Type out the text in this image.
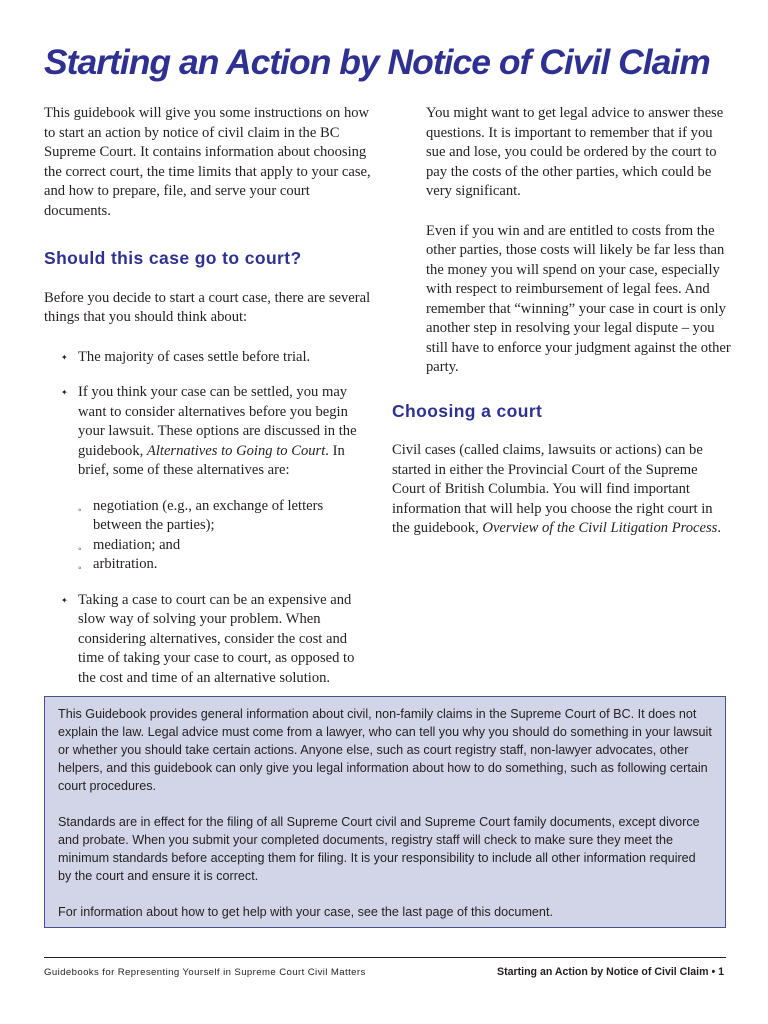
Starting an Action by Notice of Civil Claim

This guidebook will give you some instructions on how to start an action by notice of civil claim in the BC Supreme Court. It contains information about choosing the correct court, the time limits that apply to your case, and how to prepare, file, and serve your court documents.

Should this case go to court?

Before you decide to start a court case, there are several things that you should think about:

✦ The majority of cases settle before trial.
✦ If you think your case can be settled, you may want to consider alternatives before you begin your lawsuit. These options are discussed in the guidebook, Alternatives to Going to Court. In brief, some of these alternatives are:
◦ negotiation (e.g., an exchange of letters between the parties);
◦ mediation; and
◦ arbitration.
✦ Taking a case to court can be an expensive and slow way of solving your problem. When considering alternatives, consider the cost and time of taking your case to court, as opposed to the cost and time of an alternative solution.

You might want to get legal advice to answer these questions. It is important to remember that if you sue and lose, you could be ordered by the court to pay the costs of the other parties, which could be very significant.

Even if you win and are entitled to costs from the other parties, those costs will likely be far less than the money you will spend on your case, especially with respect to reimbursement of legal fees. And remember that “winning” your case in court is only another step in resolving your legal dispute – you still have to enforce your judgment against the other party.

Choosing a court

Civil cases (called claims, lawsuits or actions) can be started in either the Provincial Court of the Supreme Court of British Columbia. You will find important information that will help you choose the right court in the guidebook, Overview of the Civil Litigation Process.

This Guidebook provides general information about civil, non-family claims in the Supreme Court of BC. It does not explain the law. Legal advice must come from a lawyer, who can tell you why you should do something in your lawsuit or whether you should take certain actions. Anyone else, such as court registry staff, non-lawyer advocates, other helpers, and this guidebook can only give you legal information about how to do something, such as following certain court procedures.

Standards are in effect for the filing of all Supreme Court civil and Supreme Court family documents, except divorce and probate. When you submit your completed documents, registry staff will check to make sure they meet the minimum standards before accepting them for filing. It is your responsibility to include all other information required by the court and ensure it is correct.

For information about how to get help with your case, see the last page of this document.

Guidebooks for Representing Yourself in Supreme Court Civil Matters	Starting an Action by Notice of Civil Claim • 1
